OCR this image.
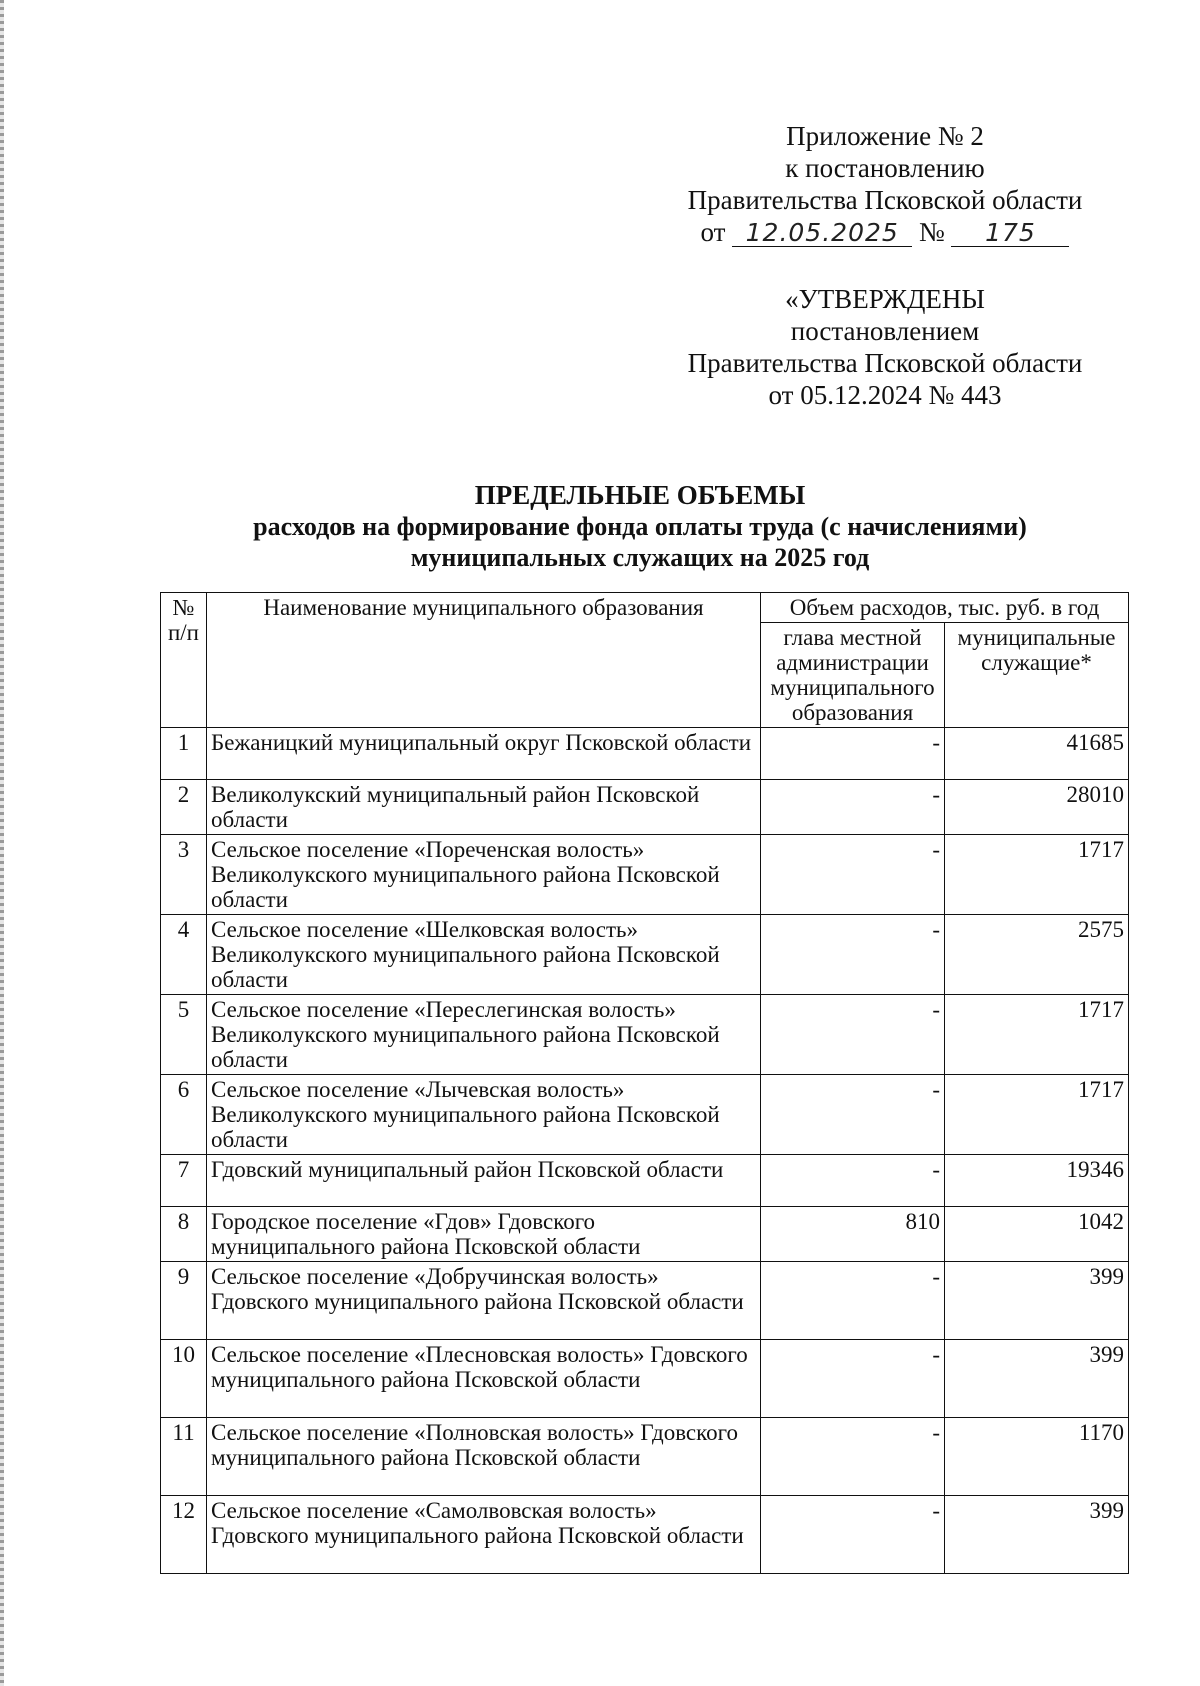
Приложение № 2
к постановлению
Правительства Псковской области
от 12.05.2025 № 175
«УТВЕРЖДЕНЫ
постановлением
Правительства Псковской области
от 05.12.2024 № 443
ПРЕДЕЛЬНЫЕ ОБЪЕМЫ
расходов на формирование фонда оплаты труда (с начислениями)
муниципальных служащих на 2025 год
№ п/п	Наименование муниципального образования	Объем расходов, тыс. руб. в год	
		глава местной администрации муниципального образования	муниципальные служащие*
1	Бежаницкий муниципальный округ Псковской области	-	41685
2	Великолукский муниципальный район Псковской области	-	28010
3	Сельское поселение «Пореченская волость» Великолукского муниципального района Псковской области	-	1717
4	Сельское поселение «Шелковская волость» Великолукского муниципального района Псковской области	-	2575
5	Сельское поселение «Переслегинская волость» Великолукского муниципального района Псковской области	-	1717
6	Сельское поселение «Лычевская волость» Великолукского муниципального района Псковской области	-	1717
7	Гдовский муниципальный район Псковской области	-	19346
8	Городское поселение «Гдов» Гдовского муниципального района Псковской области	810	1042
9	Сельское поселение «Добручинская волость» Гдовского муниципального района Псковской области	-	399
10	Сельское поселение «Плесновская волость» Гдовского муниципального района Псковской области	-	399
11	Сельское поселение «Полновская волость» Гдовского муниципального района Псковской области	-	1170
12	Сельское поселение «Самолвовская волость» Гдовского муниципального района Псковской области	-	399
